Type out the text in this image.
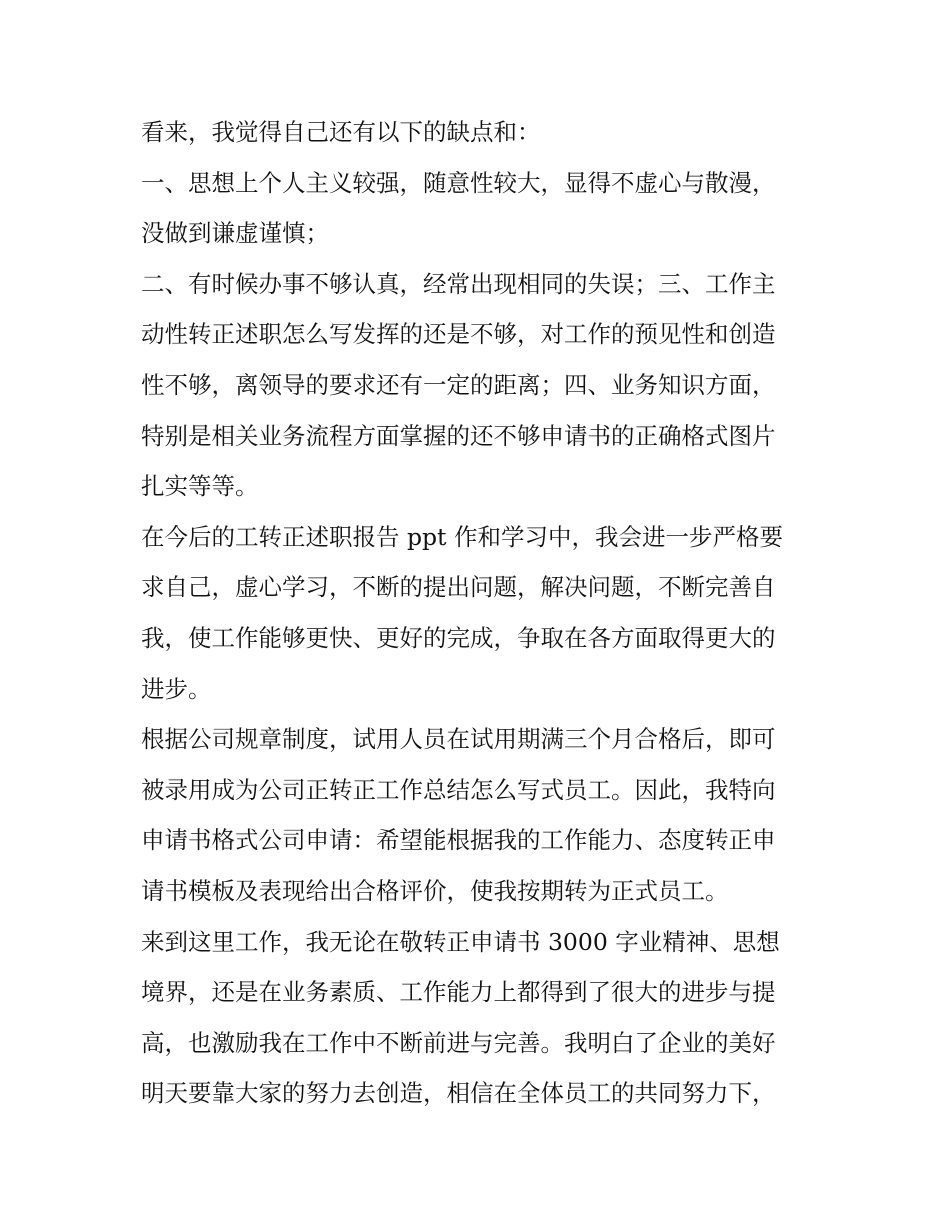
看来，我觉得自己还有以下的缺点和：
一、思想上个人主义较强，随意性较大，显得不虚心与散漫，
没做到谦虚谨慎；
二、有时候办事不够认真，经常出现相同的失误；三、工作主
动性转正述职怎么写发挥的还是不够，对工作的预见性和创造
性不够，离领导的要求还有一定的距离；四、业务知识方面，
特别是相关业务流程方面掌握的还不够申请书的正确格式图片
扎实等等。
在今后的工转正述职报告 ppt 作和学习中，我会进一步严格要
求自己，虚心学习，不断的提出问题，解决问题，不断完善自
我，使工作能够更快、更好的完成，争取在各方面取得更大的
进步。
根据公司规章制度，试用人员在试用期满三个月合格后，即可
被录用成为公司正转正工作总结怎么写式员工。因此，我特向
申请书格式公司申请：希望能根据我的工作能力、态度转正申
请书模板及表现给出合格评价，使我按期转为正式员工。
来到这里工作，我无论在敬转正申请书 3000 字业精神、思想
境界，还是在业务素质、工作能力上都得到了很大的进步与提
高，也激励我在工作中不断前进与完善。我明白了企业的美好
明天要靠大家的努力去创造，相信在全体员工的共同努力下，
